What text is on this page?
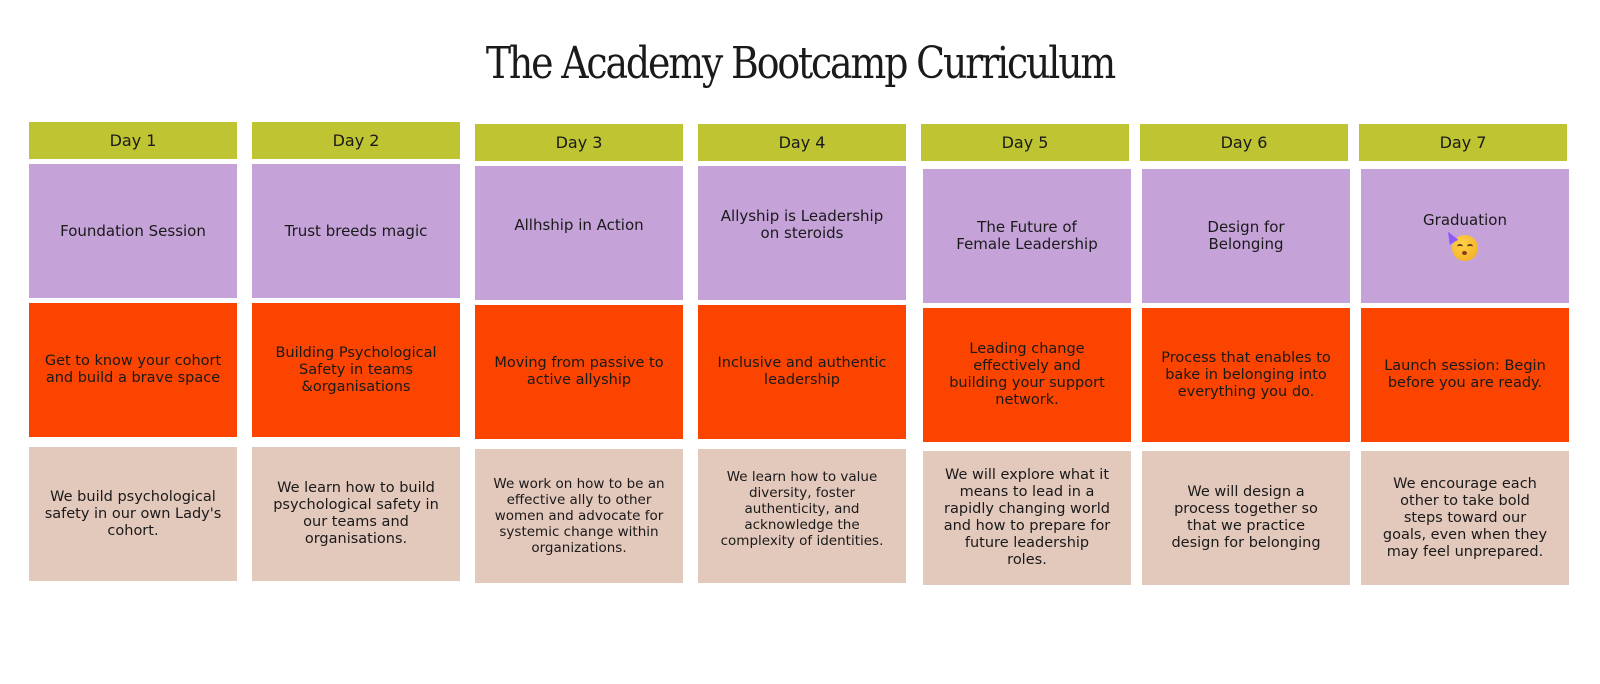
The Academy Bootcamp Curriculum
Day 1
Foundation Session
Get to know your cohort and build a brave space
We build psychological safety in our own Lady's cohort.
Day 2
Trust breeds magic
Building Psychological Safety in teams &organisations
We learn how to build psychological safety in our teams and organisations.
Day 3
Allhship in Action
Moving from passive to active allyship
We work on how to be an effective ally to other women and advocate for systemic change within organizations.
Day 4
Allyship is Leadership on steroids
Inclusive and authentic leadership
We learn how to value diversity, foster authenticity, and acknowledge the complexity of identities.
Day 5
The Future of Female Leadership
Leading change effectively and building your support network.
We will explore what it means to lead in a rapidly changing world and how to prepare for future leadership roles.
Day 6
Design for Belonging
Process that enables to bake in belonging into everything you do.
We will design a process together so that we practice design for belonging
Day 7
Graduation
Launch session: Begin before you are ready.
We encourage each other to take bold steps toward our goals, even when they may feel unprepared.
